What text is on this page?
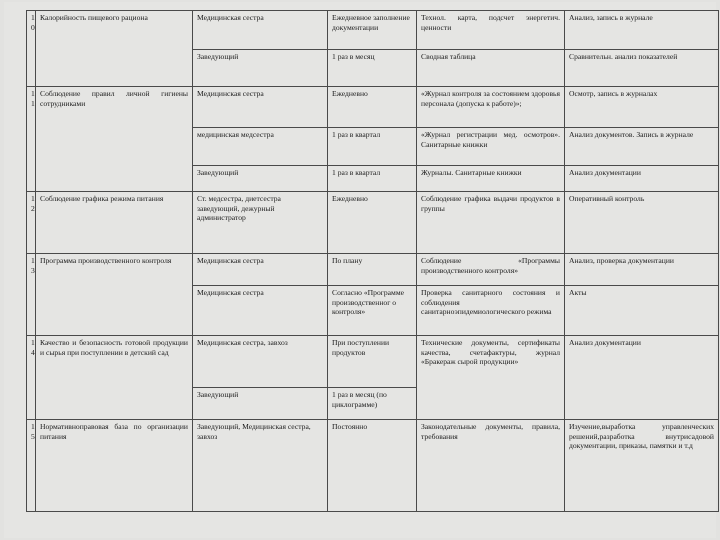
10	Калорийность пищевого рациона	Медицинская сестра	Ежедневное заполнение документации	Технол. карта, подсчет энергетич. ценности	Анализ, запись в журнале
		Заведующий	1 раз в месяц	Сводная таблица	Сравнительн. анализ показателей

11	Соблюдение правил личной гигиены сотрудниками	Медицинская сестра	Ежедневно	«Журнал контроля за состоянием здоровья персонала (допуска к работе)»;	Осмотр, запись в журналах
		медицинская медсестра	1 раз в квартал	«Журнал регистрации мед. осмотров». Санитарные книжки	Анализ документов. Запись в журнале
		Заведующий	1 раз в квартал	Журналы. Санитарные книжки	Анализ документации

12	Соблюдение графика режима питания	Ст. медсестра, диетсестра заведующий, дежурный администратор	Ежедневно	Соблюдение графика выдачи продуктов в группы	Оперативный контроль

13	Программа производственного контроля	Медицинская сестра	По плану	Соблюдение «Программы производственного контроля»	Анализ, проверка документации
		Медицинская сестра	Согласно «Программе производственног о контроля»	Проверка санитарного состояния и соблюдения санитарноэпидемиологического режима	Акты

14	Качество и безопасность готовой продукции и сырья при поступлении в детский сад	Медицинская сестра, завхоз	При поступлении продуктов	Технические документы, сертификаты качества, счетафактуры, журнал «Бракераж сырой продукции»	Анализ документации
		Заведующий	1 раз в месяц (по циклограмме)		

15	Нормативноправовая база по организации питания	Заведующий, Медицинская сестра, завхоз	Постоянно	Законодательные документы, правила, требования	Изучение,выработка управленческих решений,разработка внутрисадовой документации, приказы, памятки и т.д
